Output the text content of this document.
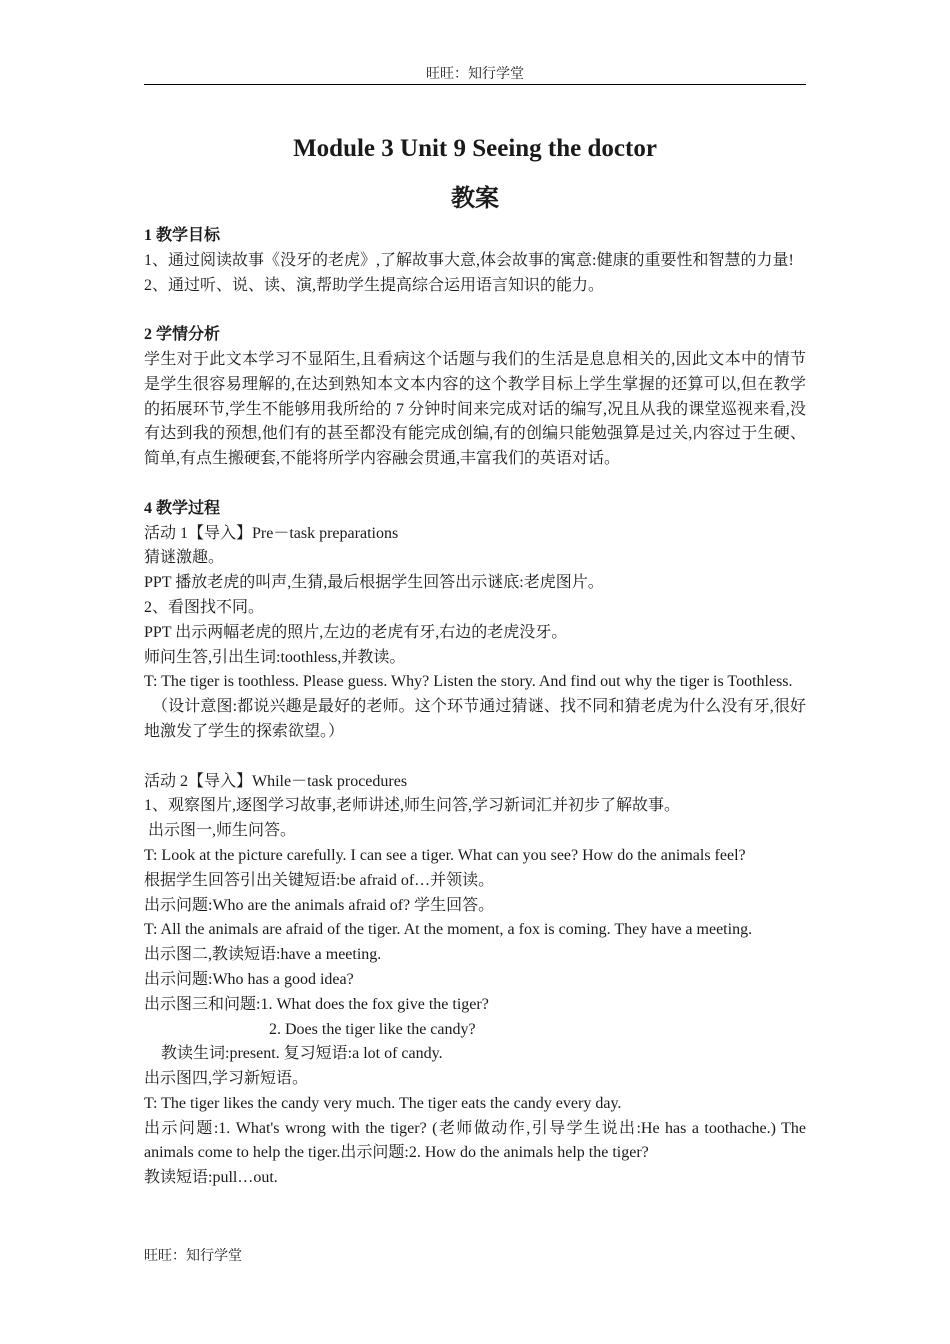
旺旺：知行学堂
Module 3 Unit 9 Seeing the doctor
教案

1 教学目标

1、通过阅读故事《没牙的老虎》,了解故事大意,体会故事的寓意:健康的重要性和智慧的力量!

2、通过听、说、读、演,帮助学生提高综合运用语言知识的能力。

2 学情分析

学生对于此文本学习不显陌生,且看病这个话题与我们的生活是息息相关的,因此文本中的情节是学生很容易理解的,在达到熟知本文本内容的这个教学目标上学生掌握的还算可以,但在教学的拓展环节,学生不能够用我所给的 7 分钟时间来完成对话的编写,况且从我的课堂巡视来看,没有达到我的预想,他们有的甚至都没有能完成创编,有的创编只能勉强算是过关,内容过于生硬、简单,有点生搬硬套,不能将所学内容融会贯通,丰富我们的英语对话。

4 教学过程

活动 1【导入】Pre－task preparations

猜谜激趣。

PPT 播放老虎的叫声,生猜,最后根据学生回答出示谜底:老虎图片。

2、看图找不同。

PPT 出示两幅老虎的照片,左边的老虎有牙,右边的老虎没牙。

师问生答,引出生词:toothless,并教读。

T: The tiger is toothless. Please guess. Why? Listen the story. And find out why the tiger is Toothless.

（设计意图:都说兴趣是最好的老师。这个环节通过猜谜、找不同和猜老虎为什么没有牙,很好地激发了学生的探索欲望。）

活动 2【导入】While－task procedures

1、观察图片,逐图学习故事,老师讲述,师生问答,学习新词汇并初步了解故事。

出示图一,师生问答。

T: Look at the picture carefully. I can see a tiger. What can you see? How do the animals feel?

根据学生回答引出关键短语:be afraid of…并领读。

出示问题:Who are the animals afraid of? 学生回答。

T: All the animals are afraid of the tiger. At the moment, a fox is coming. They have a meeting.

出示图二,教读短语:have a meeting.

出示问题:Who has a good idea?

出示图三和问题:1. What does the fox give the tiger?

2. Does the tiger like the candy?

教读生词:present. 复习短语:a lot of candy.

出示图四,学习新短语。

T: The tiger likes the candy very much. The tiger eats the candy every day.

出示问题:1. What's wrong with the tiger? (老师做动作,引导学生说出:He has a toothache.) The animals come to help the tiger.出示问题:2. How do the animals help the tiger?

教读短语:pull…out.

旺旺：知行学堂
